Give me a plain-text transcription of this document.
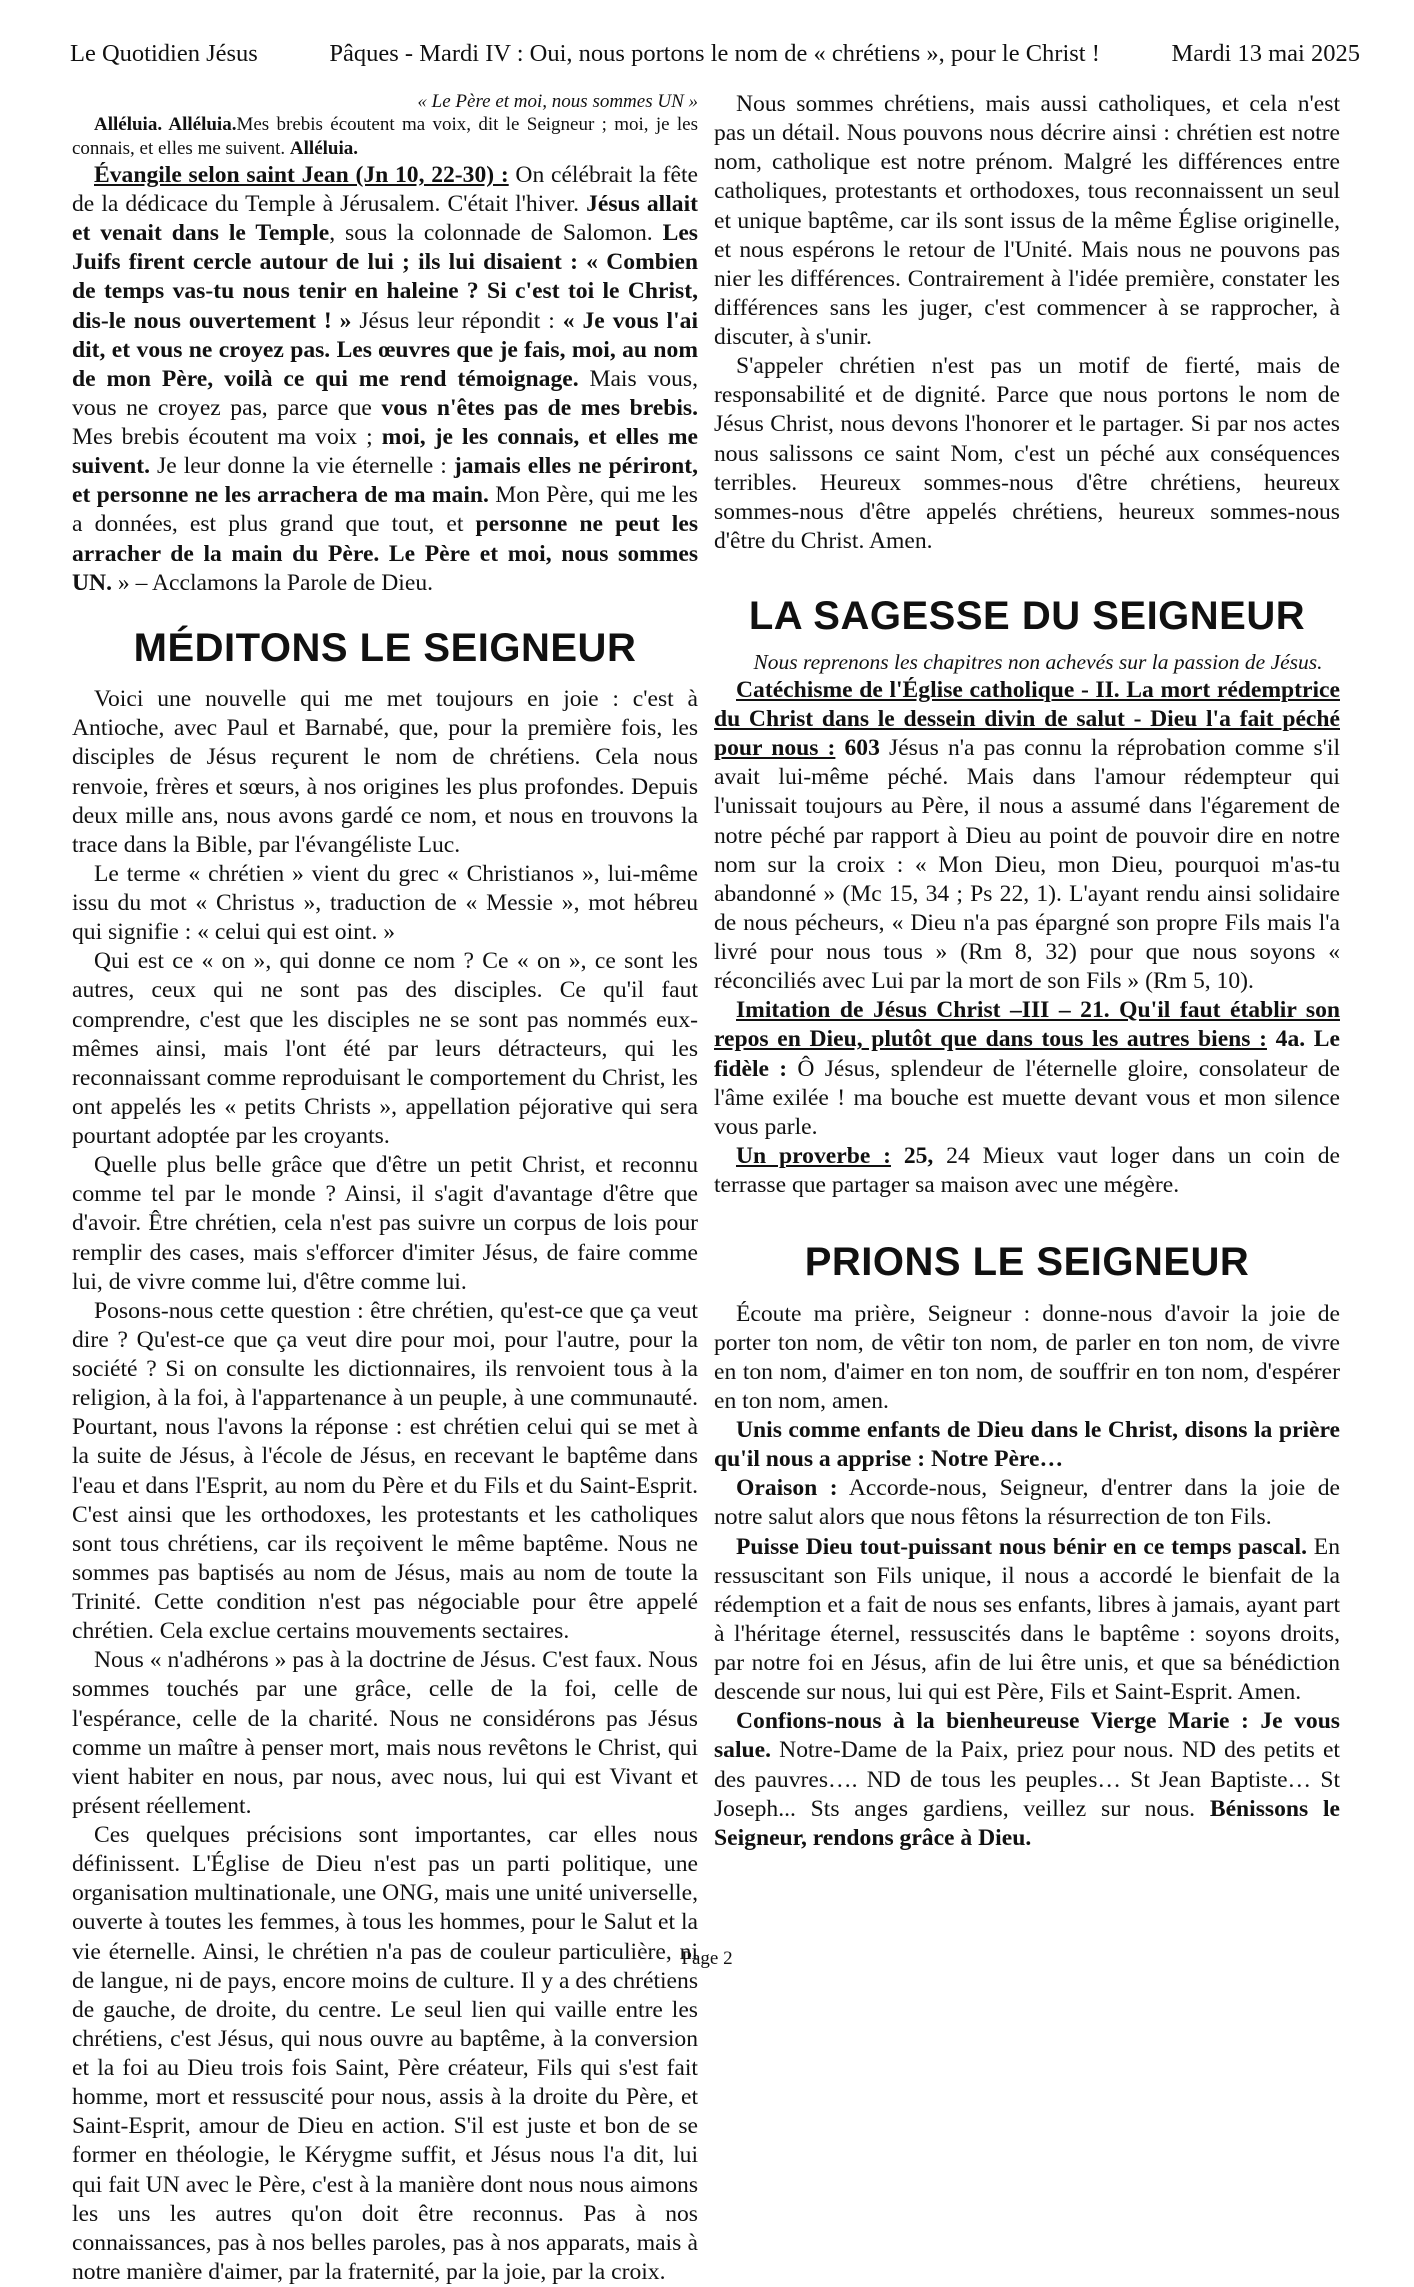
Le Quotidien Jésus	Pâques - Mardi IV : Oui, nous portons le nom de « chrétiens », pour le Christ !	Mardi 13 mai 2025

« Le Père et moi, nous sommes UN »

Alléluia. Alléluia.Mes brebis écoutent ma voix, dit le Seigneur ; moi, je les connais, et elles me suivent. Alléluia.

Évangile selon saint Jean (Jn 10, 22-30) : On célébrait la fête de la dédicace du Temple à Jérusalem. C'était l'hiver. Jésus allait et venait dans le Temple, sous la colonnade de Salomon. Les Juifs firent cercle autour de lui ; ils lui disaient : « Combien de temps vas-tu nous tenir en haleine ? Si c'est toi le Christ, dis-le nous ouvertement ! » Jésus leur répondit : « Je vous l'ai dit, et vous ne croyez pas. Les œuvres que je fais, moi, au nom de mon Père, voilà ce qui me rend témoignage. Mais vous, vous ne croyez pas, parce que vous n'êtes pas de mes brebis. Mes brebis écoutent ma voix ; moi, je les connais, et elles me suivent. Je leur donne la vie éternelle : jamais elles ne périront, et personne ne les arrachera de ma main. Mon Père, qui me les a données, est plus grand que tout, et personne ne peut les arracher de la main du Père. Le Père et moi, nous sommes UN. » – Acclamons la Parole de Dieu.

MÉDITONS LE SEIGNEUR

Voici une nouvelle qui me met toujours en joie : c'est à Antioche, avec Paul et Barnabé, que, pour la première fois, les disciples de Jésus reçurent le nom de chrétiens. Cela nous renvoie, frères et sœurs, à nos origines les plus profondes. Depuis deux mille ans, nous avons gardé ce nom, et nous en trouvons la trace dans la Bible, par l'évangéliste Luc.

Le terme « chrétien » vient du grec « Christianos », lui-même issu du mot « Christus », traduction de « Messie », mot hébreu qui signifie : « celui qui est oint. »

Qui est ce « on », qui donne ce nom ? Ce « on », ce sont les autres, ceux qui ne sont pas des disciples. Ce qu'il faut comprendre, c'est que les disciples ne se sont pas nommés eux-mêmes ainsi, mais l'ont été par leurs détracteurs, qui les reconnaissant comme reproduisant le comportement du Christ, les ont appelés les « petits Christs », appellation péjorative qui sera pourtant adoptée par les croyants.

Quelle plus belle grâce que d'être un petit Christ, et reconnu comme tel par le monde ? Ainsi, il s'agit d'avantage d'être que d'avoir. Être chrétien, cela n'est pas suivre un corpus de lois pour remplir des cases, mais s'efforcer d'imiter Jésus, de faire comme lui, de vivre comme lui, d'être comme lui.

Posons-nous cette question : être chrétien, qu'est-ce que ça veut dire ? Qu'est-ce que ça veut dire pour moi, pour l'autre, pour la société ? Si on consulte les dictionnaires, ils renvoient tous à la religion, à la foi, à l'appartenance à un peuple, à une communauté. Pourtant, nous l'avons la réponse : est chrétien celui qui se met à la suite de Jésus, à l'école de Jésus, en recevant le baptême dans l'eau et dans l'Esprit, au nom du Père et du Fils et du Saint-Esprit. C'est ainsi que les orthodoxes, les protestants et les catholiques sont tous chrétiens, car ils reçoivent le même baptême. Nous ne sommes pas baptisés au nom de Jésus, mais au nom de toute la Trinité. Cette condition n'est pas négociable pour être appelé chrétien. Cela exclue certains mouvements sectaires.

Nous « n'adhérons » pas à la doctrine de Jésus. C'est faux. Nous sommes touchés par une grâce, celle de la foi, celle de l'espérance, celle de la charité. Nous ne considérons pas Jésus comme un maître à penser mort, mais nous revêtons le Christ, qui vient habiter en nous, par nous, avec nous, lui qui est Vivant et présent réellement.

Ces quelques précisions sont importantes, car elles nous définissent. L'Église de Dieu n'est pas un parti politique, une organisation multinationale, une ONG, mais une unité universelle, ouverte à toutes les femmes, à tous les hommes, pour le Salut et la vie éternelle. Ainsi, le chrétien n'a pas de couleur particulière, ni de langue, ni de pays, encore moins de culture. Il y a des chrétiens de gauche, de droite, du centre. Le seul lien qui vaille entre les chrétiens, c'est Jésus, qui nous ouvre au baptême, à la conversion et la foi au Dieu trois fois Saint, Père créateur, Fils qui s'est fait homme, mort et ressuscité pour nous, assis à la droite du Père, et Saint-Esprit, amour de Dieu en action. S'il est juste et bon de se former en théologie, le Kérygme suffit, et Jésus nous l'a dit, lui qui fait UN avec le Père, c'est à la manière dont nous nous aimons les uns les autres qu'on doit être reconnus. Pas à nos connaissances, pas à nos belles paroles, pas à nos apparats, mais à notre manière d'aimer, par la fraternité, par la joie, par la croix.

Nous sommes chrétiens, mais aussi catholiques, et cela n'est pas un détail. Nous pouvons nous décrire ainsi : chrétien est notre nom, catholique est notre prénom. Malgré les différences entre catholiques, protestants et orthodoxes, tous reconnaissent un seul et unique baptême, car ils sont issus de la même Église originelle, et nous espérons le retour de l'Unité. Mais nous ne pouvons pas nier les différences. Contrairement à l'idée première, constater les différences sans les juger, c'est commencer à se rapprocher, à discuter, à s'unir.

S'appeler chrétien n'est pas un motif de fierté, mais de responsabilité et de dignité. Parce que nous portons le nom de Jésus Christ, nous devons l'honorer et le partager. Si par nos actes nous salissons ce saint Nom, c'est un péché aux conséquences terribles. Heureux sommes-nous d'être chrétiens, heureux sommes-nous d'être appelés chrétiens, heureux sommes-nous d'être du Christ. Amen.

LA SAGESSE DU SEIGNEUR

Nous reprenons les chapitres non achevés sur la passion de Jésus.

Catéchisme de l'Église catholique - II. La mort rédemptrice du Christ dans le dessein divin de salut - Dieu l'a fait péché pour nous : 603 Jésus n'a pas connu la réprobation comme s'il avait lui-même péché. Mais dans l'amour rédempteur qui l'unissait toujours au Père, il nous a assumé dans l'égarement de notre péché par rapport à Dieu au point de pouvoir dire en notre nom sur la croix : « Mon Dieu, mon Dieu, pourquoi m'as-tu abandonné » (Mc 15, 34 ; Ps 22, 1). L'ayant rendu ainsi solidaire de nous pécheurs, « Dieu n'a pas épargné son propre Fils mais l'a livré pour nous tous » (Rm 8, 32) pour que nous soyons « réconciliés avec Lui par la mort de son Fils » (Rm 5, 10).

Imitation de Jésus Christ –III – 21. Qu'il faut établir son repos en Dieu, plutôt que dans tous les autres biens : 4a. Le fidèle : Ô Jésus, splendeur de l'éternelle gloire, consolateur de l'âme exilée ! ma bouche est muette devant vous et mon silence vous parle.

Un proverbe : 25, 24 Mieux vaut loger dans un coin de terrasse que partager sa maison avec une mégère.

PRIONS LE SEIGNEUR

Écoute ma prière, Seigneur : donne-nous d'avoir la joie de porter ton nom, de vêtir ton nom, de parler en ton nom, de vivre en ton nom, d'aimer en ton nom, de souffrir en ton nom, d'espérer en ton nom, amen.

Unis comme enfants de Dieu dans le Christ, disons la prière qu'il nous a apprise : Notre Père…

Oraison : Accorde-nous, Seigneur, d'entrer dans la joie de notre salut alors que nous fêtons la résurrection de ton Fils.

Puisse Dieu tout-puissant nous bénir en ce temps pascal. En ressuscitant son Fils unique, il nous a accordé le bienfait de la rédemption et a fait de nous ses enfants, libres à jamais, ayant part à l'héritage éternel, ressuscités dans le baptême : soyons droits, par notre foi en Jésus, afin de lui être unis, et que sa bénédiction descende sur nous, lui qui est Père, Fils et Saint-Esprit. Amen.

Confions-nous à la bienheureuse Vierge Marie : Je vous salue. Notre-Dame de la Paix, priez pour nous. ND des petits et des pauvres…. ND de tous les peuples… St Jean Baptiste… St Joseph... Sts anges gardiens, veillez sur nous. Bénissons le Seigneur, rendons grâce à Dieu.

Page 2
